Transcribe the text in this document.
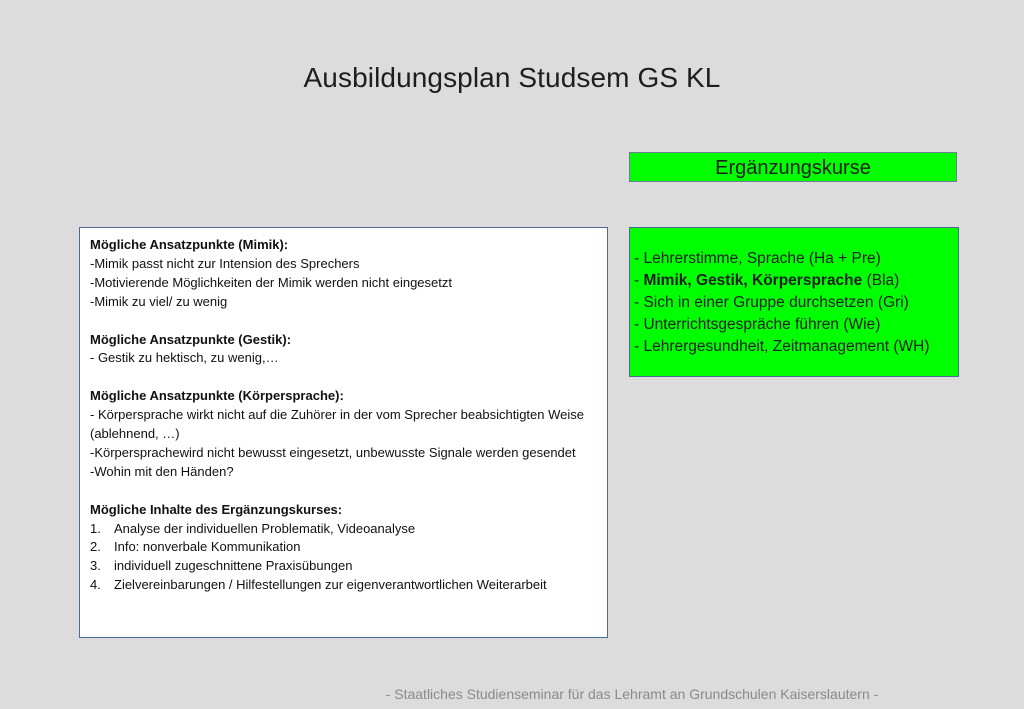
Ausbildungsplan Studsem GS KL
Ergänzungskurse
Mögliche Ansatzpunkte (Mimik):
-Mimik passt nicht zur Intension des Sprechers
-Motivierende Möglichkeiten der Mimik werden nicht eingesetzt
-Mimik zu viel/ zu wenig
Mögliche Ansatzpunkte (Gestik):
- Gestik zu hektisch, zu wenig,…
Mögliche Ansatzpunkte (Körpersprache):
- Körpersprache wirkt nicht auf die Zuhörer in der vom Sprecher beabsichtigten Weise (ablehnend, …)
-Körpersprachewird nicht bewusst eingesetzt, unbewusste Signale werden gesendet
-Wohin mit den Händen?
Mögliche Inhalte des Ergänzungskurses:
1.	Analyse der individuellen Problematik, Videoanalyse
2.	Info: nonverbale Kommunikation
3.	individuell zugeschnittene Praxisübungen
4.	Zielvereinbarungen / Hilfestellungen zur eigenverantwortlichen Weiterarbeit
- Lehrerstimme, Sprache (Ha + Pre)
- Mimik, Gestik, Körpersprache (Bla)
- Sich in einer Gruppe durchsetzen (Gri)
- Unterrichtsgespräche führen (Wie)
- Lehrergesundheit, Zeitmanagement (WH)
- Staatliches Studienseminar für das Lehramt an Grundschulen Kaiserslautern -
